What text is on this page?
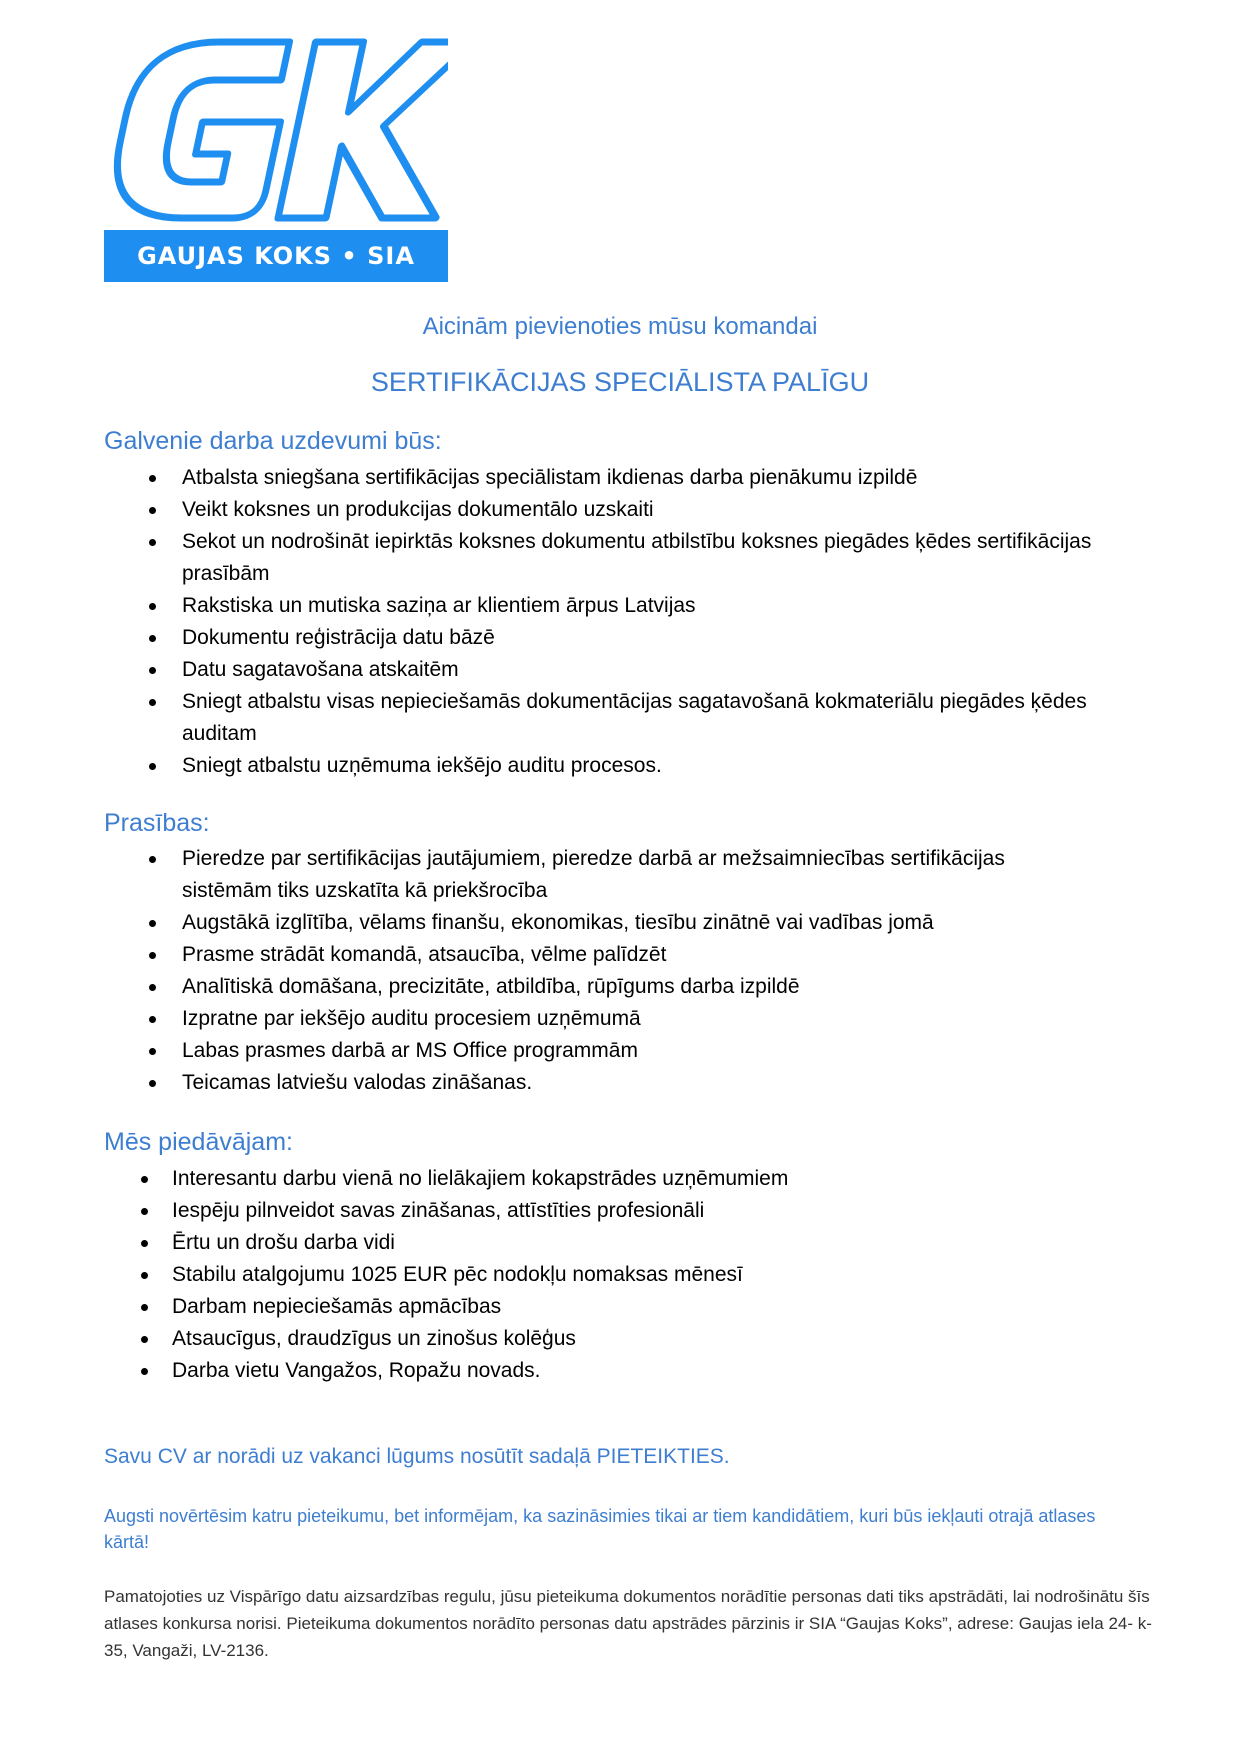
GAUJAS KOKS • SIA
Aicinām pievienoties mūsu komandai
SERTIFIKĀCIJAS SPECIĀLISTA PALĪGU
Galvenie darba uzdevumi būs:
Atbalsta sniegšana sertifikācijas speciālistam ikdienas darba pienākumu izpildē
Veikt koksnes un produkcijas dokumentālo uzskaiti
Sekot un nodrošināt iepirktās koksnes dokumentu atbilstību koksnes piegādes ķēdes sertifikācijas prasībām
Rakstiska un mutiska saziņa ar klientiem ārpus Latvijas
Dokumentu reģistrācija datu bāzē
Datu sagatavošana atskaitēm
Sniegt atbalstu visas nepieciešamās dokumentācijas sagatavošanā kokmateriālu piegādes ķēdes auditam
Sniegt atbalstu uzņēmuma iekšējo auditu procesos.
Prasības:
Pieredze par sertifikācijas jautājumiem, pieredze darbā ar mežsaimniecības sertifikācijas sistēmām tiks uzskatīta kā priekšrocība
Augstākā izglītība, vēlams finanšu, ekonomikas, tiesību zinātnē vai vadības jomā
Prasme strādāt komandā, atsaucība, vēlme palīdzēt
Analītiskā domāšana, precizitāte, atbildība, rūpīgums darba izpildē
Izpratne par iekšējo auditu procesiem uzņēmumā
Labas prasmes darbā ar MS Office programmām
Teicamas latviešu valodas zināšanas.
Mēs piedāvājam:
Interesantu darbu vienā no lielākajiem kokapstrādes uzņēmumiem
Iespēju pilnveidot savas zināšanas, attīstīties profesionāli
Ērtu un drošu darba vidi
Stabilu atalgojumu 1025 EUR pēc nodokļu nomaksas mēnesī
Darbam nepieciešamās apmācības
Atsaucīgus, draudzīgus un zinošus kolēģus
Darba vietu Vangažos, Ropažu novads.
Savu CV ar norādi uz vakanci lūgums nosūtīt sadaļā PIETEIKTIES.
Augsti novērtēsim katru pieteikumu, bet informējam, ka sazināsimies tikai ar tiem kandidātiem, kuri būs iekļauti otrajā atlases kārtā!
Pamatojoties uz Vispārīgo datu aizsardzības regulu, jūsu pieteikuma dokumentos norādītie personas dati tiks apstrādāti, lai nodrošinātu šīs atlases konkursa norisi. Pieteikuma dokumentos norādīto personas datu apstrādes pārzinis ir SIA “Gaujas Koks”, adrese: Gaujas iela 24- k-35, Vangaži, LV-2136.
